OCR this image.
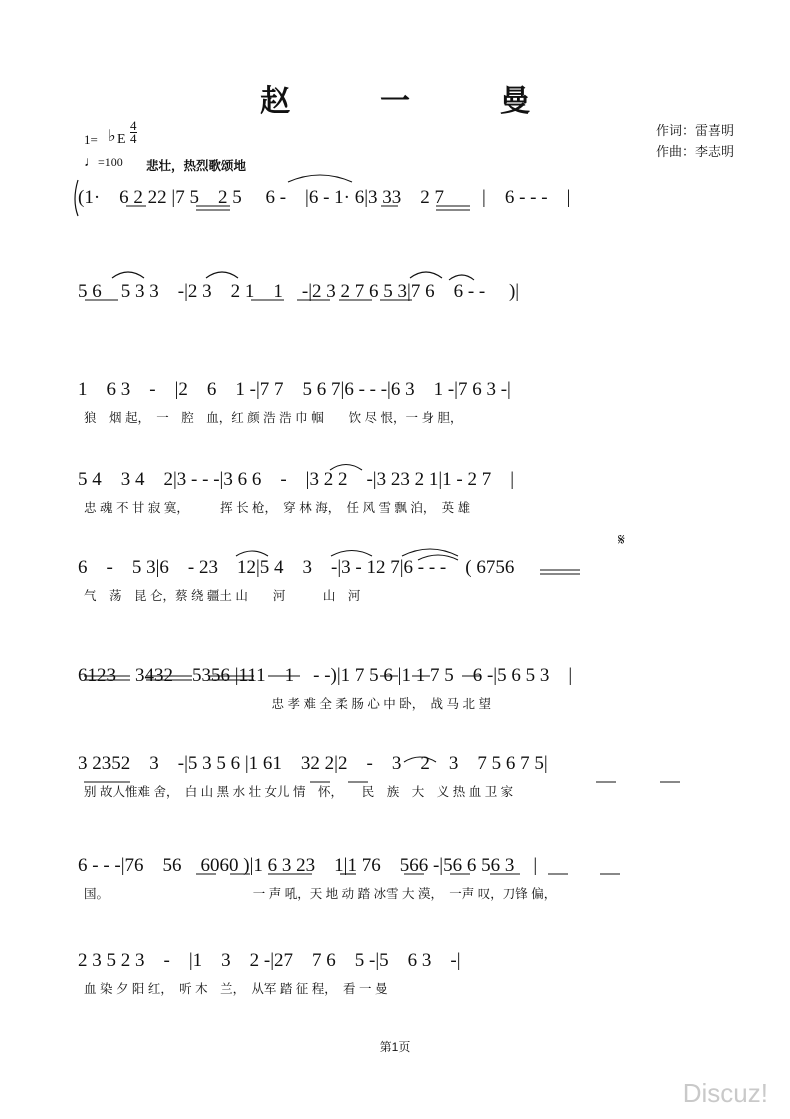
赵　一　曼
作词：雷喜明
作曲：李志明
1= ♭ E $\frac{4}{4}$
♩=100 悲壮，热烈歌颂地
(1·　6 2 22 |7 5　2 5　 6 -　|6 - 1· 6|3 33　2 7　　|　6 - - -　|
5 6　5 3 3　-|2 3　2 1　1　-|2 3 2 7 6 5 3|7 6　6 - -　 )|
1　6 3　-　|2　6　1 -|7 7　5 6 7|6 - - -|6 3　1 -|7 6 3 -|
狼　烟 起，　一　腔　血，红 颜 浩 浩 巾 帼　　饮 尽 恨，一 身 胆，
5 4　3 4　2|3 - - -|3 6 6　-　|3 2 2　-|3 23 2 1|1 - 2 7　|
忠 魂 不 甘 寂 寞，　　　挥 长 枪，　穿 林 海，　任 风 雪 飘 泊，　英 雄
6　-　5 3|6　- 23　12|5 4　3　-|3 - 12 7|6 - - -　( 6756
气　荡　昆 仑，蔡 绕 疆土 山　　河　　　山　河
6123　3432　5356 |111　1　- -)|1 7 5 6 |1 1 7 5　6 -|5 6 5 3　|
　　　　　　　　　　　　　　　忠 孝 难 全 柔 肠 心 中 卧，　战 马 北 望
3 2352　3　-|5 3 5 6 |1 61　32 2|2　-　3　2　3　7 5 6 7 5|
别 故人惟难 舍，　白 山 黑 水 壮 女儿 情　怀，　　民　族　大　义 热 血 卫 家
6 - - -|76　56　6060 )|1 6 3 23　1|1 76　566 -|56 6 56 3　|
国。　　　　　　　　　　　　一 声 吼，天 地 动 踏 冰雪 大 漠，　一声 叹，刀锋 偏，
2 3 5 2 3　-　|1　3　2 -|27　7 6　5 -|5　6 3　-|
血 染 夕 阳 红，　听 木　兰，　从军 踏 征 程，　看 一 曼
𝄋
第1页
Discuz!
